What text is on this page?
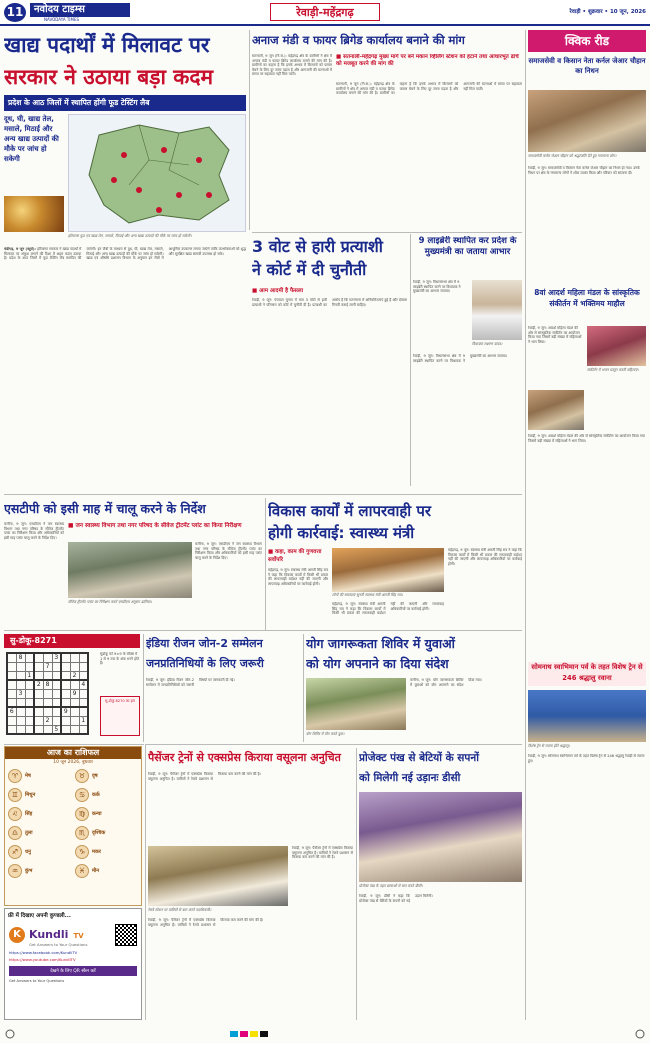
11	नवोदय टाइम्स
NAVODAYA TIMES
रेवाड़ी-महेंद्रगढ़	रेवाड़ी • शुक्रवार • 10 जून, 2026
खाद्य पदार्थों में मिलावट पर
सरकार ने उठाया बड़ा कदम
प्रदेश के आठ जिलों में स्थापित होंगी फूड टेस्टिंग लैब
दूध, घी, खाद्य तेल, मसाले, मिठाई और अन्य खाद्य उत्पादों की मौके पर जांच हो सकेगी
हरियाणा फूड एवं खाद्य तेल, मसाले, मिठाई और अन्य खाद्य उत्पादों की मौके पर जांच हो सकेगी।
चंडीगढ़, 9 जून (ब्यूरो): हरियाणा सरकार ने खाद्य पदार्थों में मिलावट पर अंकुश लगाने की दिशा में अहम कदम उठाया है। प्रदेश के आठ जिलों में फूड टेस्टिंग लैब स्थापित की जाएंगी। इन लैबों के माध्यम से दूध, घी, खाद्य तेल, मसाले, मिठाई और अन्य खाद्य उत्पादों की मौके पर जांच हो सकेगी। खाद्य एवं औषधि प्रशासन विभाग के अनुसार इन लैबों में आधुनिक उपकरण लगाए जाएंगे ताकि उपभोक्ताओं को शुद्ध और सुरक्षित खाद्य सामग्री उपलब्ध हो सके।
अनाज मंडी व फायर ब्रिगेड कार्यालय बनाने की मांग
सतनाली, 9 जून (नि.स.): महेंद्रगढ़ क्षेत्र के ग्रामीणों ने क्षेत्र में अनाज मंडी व फायर ब्रिगेड कार्यालय बनाने की मांग की है। ग्रामीणों का कहना है कि इनके अभाव में किसानों को फसल बेचने के लिए दूर जाना पड़ता है और आगजनी की घटनाओं में समय पर सहायता नहीं मिल पाती।
■ सतनाली-महेंद्रगढ़ मुख्य मार्ग पर बने मकान व्हिलिंग स्टेशन को हटाने तथा आधारभूत ढांचे को मजबूत करने की मांग की
सतनाली, 9 जून (नि.स.): महेंद्रगढ़ क्षेत्र के ग्रामीणों ने क्षेत्र में अनाज मंडी व फायर ब्रिगेड कार्यालय बनाने की मांग की है। ग्रामीणों का कहना है कि इनके अभाव में किसानों को फसल बेचने के लिए दूर जाना पड़ता है और आगजनी की घटनाओं में समय पर सहायता नहीं मिल पाती।
क्विक रीड
समाजसेवी व किसान नेता कर्नल जेआर चौहान का निधन
समाजसेवी कर्नल जेआर चौहान को श्रद्धांजलि देते हुए गणमान्य लोग।
रेवाड़ी, 9 जून: समाजसेवी व किसान नेता कर्नल जेआर चौहान का निधन हो गया। उनके निधन पर क्षेत्र के गणमान्य लोगों ने शोक व्यक्त किया और परिवार को सांत्वना दी।
8वां आदर्श महिला मंडल के सांस्कृतिक संकीर्तन में भक्तिमय माहौल
रेवाड़ी, 9 जून: आदर्श महिला मंडल की ओर से सांस्कृतिक संकीर्तन का आयोजन किया गया जिसमें बड़ी संख्या में महिलाओं ने भाग लिया।
संकीर्तन में भजन प्रस्तुत करती महिलाएं।
रेवाड़ी, 9 जून: आदर्श महिला मंडल की ओर से सांस्कृतिक संकीर्तन का आयोजन किया गया जिसमें बड़ी संख्या में महिलाओं ने भाग लिया।
सोमनाथ स्वाभिमान पर्व के तहत विशेष ट्रेन से 246 श्रद्धालु रवाना
विशेष ट्रेन से रवाना होते श्रद्धालु।
रेवाड़ी, 9 जून: सोमनाथ स्वाभिमान पर्व के तहत विशेष ट्रेन से 246 श्रद्धालु रेवाड़ी से रवाना हुए।
3 वोट से हारी प्रत्याशी
ने कोर्ट में दी चुनौती
■ आम आदमी है फैसला
रेवाड़ी, 9 जून: पंचायत चुनाव में मात्र 3 वोटों से हारी प्रत्याशी ने परिणाम को कोर्ट में चुनौती दी है। प्रत्याशी का आरोप है कि मतगणना में अनियमितताएं हुई हैं और दोबारा गिनती कराई जानी चाहिए।
9 लाइब्रेरी स्थापित कर प्रदेश के मुख्यमंत्री का जताया आभार
रेवाड़ी, 9 जून: विधानसभा क्षेत्र में 9 लाइब्रेरी स्थापित करने पर विधायक ने मुख्यमंत्री का आभार जताया।
विधायक लक्ष्मण यादव।
रेवाड़ी, 9 जून: विधानसभा क्षेत्र में 9 लाइब्रेरी स्थापित करने पर विधायक ने मुख्यमंत्री का आभार जताया।
एसटीपी को इसी माह में चालू करने के निर्देश
कनीना, 9 जून: एसडीएम ने जन स्वास्थ्य विभाग तथा नगर परिषद के सीवेज ट्रीटमेंट प्लांट का निरीक्षण किया और अधिकारियों को इसी माह प्लांट चालू करने के निर्देश दिए।
■ जन स्वास्थ्य विभाग तथा नगर परिषद के सीवेज ट्रीटमेंट प्लांट का किया निरीक्षण
सीवेज ट्रीटमेंट प्लांट का निरीक्षण करते एसडीएम अनुराग ढालिया।
कनीना, 9 जून: एसडीएम ने जन स्वास्थ्य विभाग तथा नगर परिषद के सीवेज ट्रीटमेंट प्लांट का निरीक्षण किया और अधिकारियों को इसी माह प्लांट चालू करने के निर्देश दिए।
विकास कार्यों में लापरवाही पर
होगी कार्रवाई: स्वास्थ्य मंत्री
■ कहा, काम की गुणवत्ता सर्वोपरि
महेंद्रगढ़, 9 जून: स्वास्थ्य मंत्री आरती सिंह राव ने कहा कि विकास कार्यों में किसी भी प्रकार की लापरवाही बर्दाश्त नहीं की जाएगी और लापरवाह अधिकारियों पर कार्रवाई होगी।
लोगों की समस्याएं सुनती स्वास्थ्य मंत्री आरती सिंह राव।
महेंद्रगढ़, 9 जून: स्वास्थ्य मंत्री आरती सिंह राव ने कहा कि विकास कार्यों में किसी भी प्रकार की लापरवाही बर्दाश्त नहीं की जाएगी और लापरवाह अधिकारियों पर कार्रवाई होगी।
महेंद्रगढ़, 9 जून: स्वास्थ्य मंत्री आरती सिंह राव ने कहा कि विकास कार्यों में किसी भी प्रकार की लापरवाही बर्दाश्त नहीं की जाएगी और लापरवाह अधिकारियों पर कार्रवाई होगी।
सु-डोकू-8271
	8				3			
				7				
		1					2	
			2	8				4
	3						9	

6						9		
				2				1
					5			
सुडोकू को 9×9 के बॉक्स में 1 से 9 तक के अंक भरने होते हैं।
सु-डोकू 8270 का हल
इंडिया रीजन जोन-2 सम्मेलन
जनप्रतिनिधियों के लिए जरूरी
रेवाड़ी, 9 जून: इंडिया रीजन जोन-2 सम्मेलन में जनप्रतिनिधियों को जरूरी विषयों पर जानकारी दी गई।
योग जागरूकता शिविर में युवाओं
को योग अपनाने का दिया संदेश
योग शिविर में योग करते युवा।
कनीना, 9 जून: योग जागरूकता शिविर में युवाओं को योग अपनाने का संदेश दिया गया।
आज का राशिफल
10 जून 2026, बुधवार
♈	मेष	♉	वृष
♊	मिथुन	♋	कर्क
♌	सिंह	♍	कन्या
♎	तुला	♏	वृश्चिक
♐	धनु	♑	मकर
♒	कुंभ	♓	मीन
फ्री में दिखाए अपनी कुण्डली...
K Kundli TV
Get Answers to Your Questions
https://www.facebook.com/KundliTV
https://www.youtube.com/KundliTV
देखने के लिए QR स्कैन करें
Get Answers to Your Questions
पैसेंजर ट्रेनों से एक्सप्रेस किराया वसूलना अनुचित
रेवाड़ी, 9 जून: पैसेंजर ट्रेनों में एक्सप्रेस किराया वसूलना अनुचित है। यात्रियों ने रेलवे प्रशासन से किराया कम करने की मांग की है।
रेलवे स्टेशन पर यात्रियों से बात करते पदाधिकारी।
रेवाड़ी, 9 जून: पैसेंजर ट्रेनों में एक्सप्रेस किराया वसूलना अनुचित है। यात्रियों ने रेलवे प्रशासन से किराया कम करने की मांग की है।
रेवाड़ी, 9 जून: पैसेंजर ट्रेनों में एक्सप्रेस किराया वसूलना अनुचित है। यात्रियों ने रेलवे प्रशासन से किराया कम करने की मांग की है।
प्रोजेक्ट पंख से बेटियों के सपनों
को मिलेगी नई उड़ानः डीसी
प्रोजेक्ट पंख के तहत छात्राओं से बात करते डीसी।
रेवाड़ी, 9 जून: डीसी ने कहा कि प्रोजेक्ट पंख से बेटियों के सपनों को नई उड़ान मिलेगी।
